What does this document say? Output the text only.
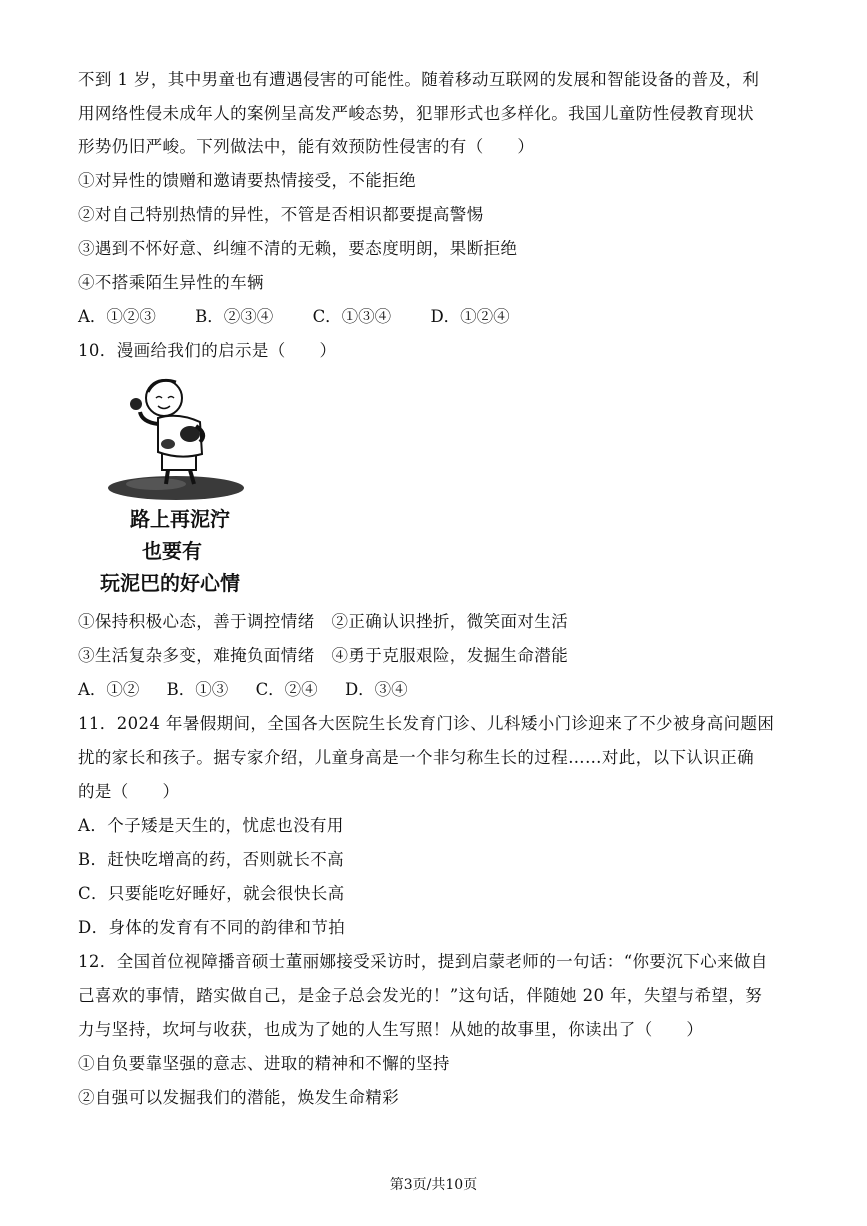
不到 1 岁，其中男童也有遭遇侵害的可能性。随着移动互联网的发展和智能设备的普及，利
用网络性侵未成年人的案例呈高发严峻态势，犯罪形式也多样化。我国儿童防性侵教育现状
形势仍旧严峻。下列做法中，能有效预防性侵害的有（　　）
①对异性的馈赠和邀请要热情接受，不能拒绝
②对自己特别热情的异性，不管是否相识都要提高警惕
③遇到不怀好意、纠缠不清的无赖，要态度明朗，果断拒绝
④不搭乘陌生异性的车辆
A．①②③ B．②③④ C．①③④ D．①②④
10．漫画给我们的启示是（　　）
路上再泥泞
也要有
玩泥巴的好心情
①保持积极心态，善于调控情绪　②正确认识挫折，微笑面对生活
③生活复杂多变，难掩负面情绪　④勇于克服艰险，发掘生命潜能
A．①② B．①③ C．②④ D．③④
11．2024 年暑假期间，全国各大医院生长发育门诊、儿科矮小门诊迎来了不少被身高问题困
扰的家长和孩子。据专家介绍，儿童身高是一个非匀称生长的过程……对此，以下认识正确
的是（　　）
A．个子矮是天生的，忧虑也没有用
B．赶快吃增高的药，否则就长不高
C．只要能吃好睡好，就会很快长高
D．身体的发育有不同的韵律和节拍
12．全国首位视障播音硕士董丽娜接受采访时，提到启蒙老师的一句话：“你要沉下心来做自
己喜欢的事情，踏实做自己，是金子总会发光的！”这句话，伴随她 20 年，失望与希望，努
力与坚持，坎坷与收获，也成为了她的人生写照！从她的故事里，你读出了（　　）
①自负要靠坚强的意志、进取的精神和不懈的坚持
②自强可以发掘我们的潜能，焕发生命精彩
第3页/共10页
